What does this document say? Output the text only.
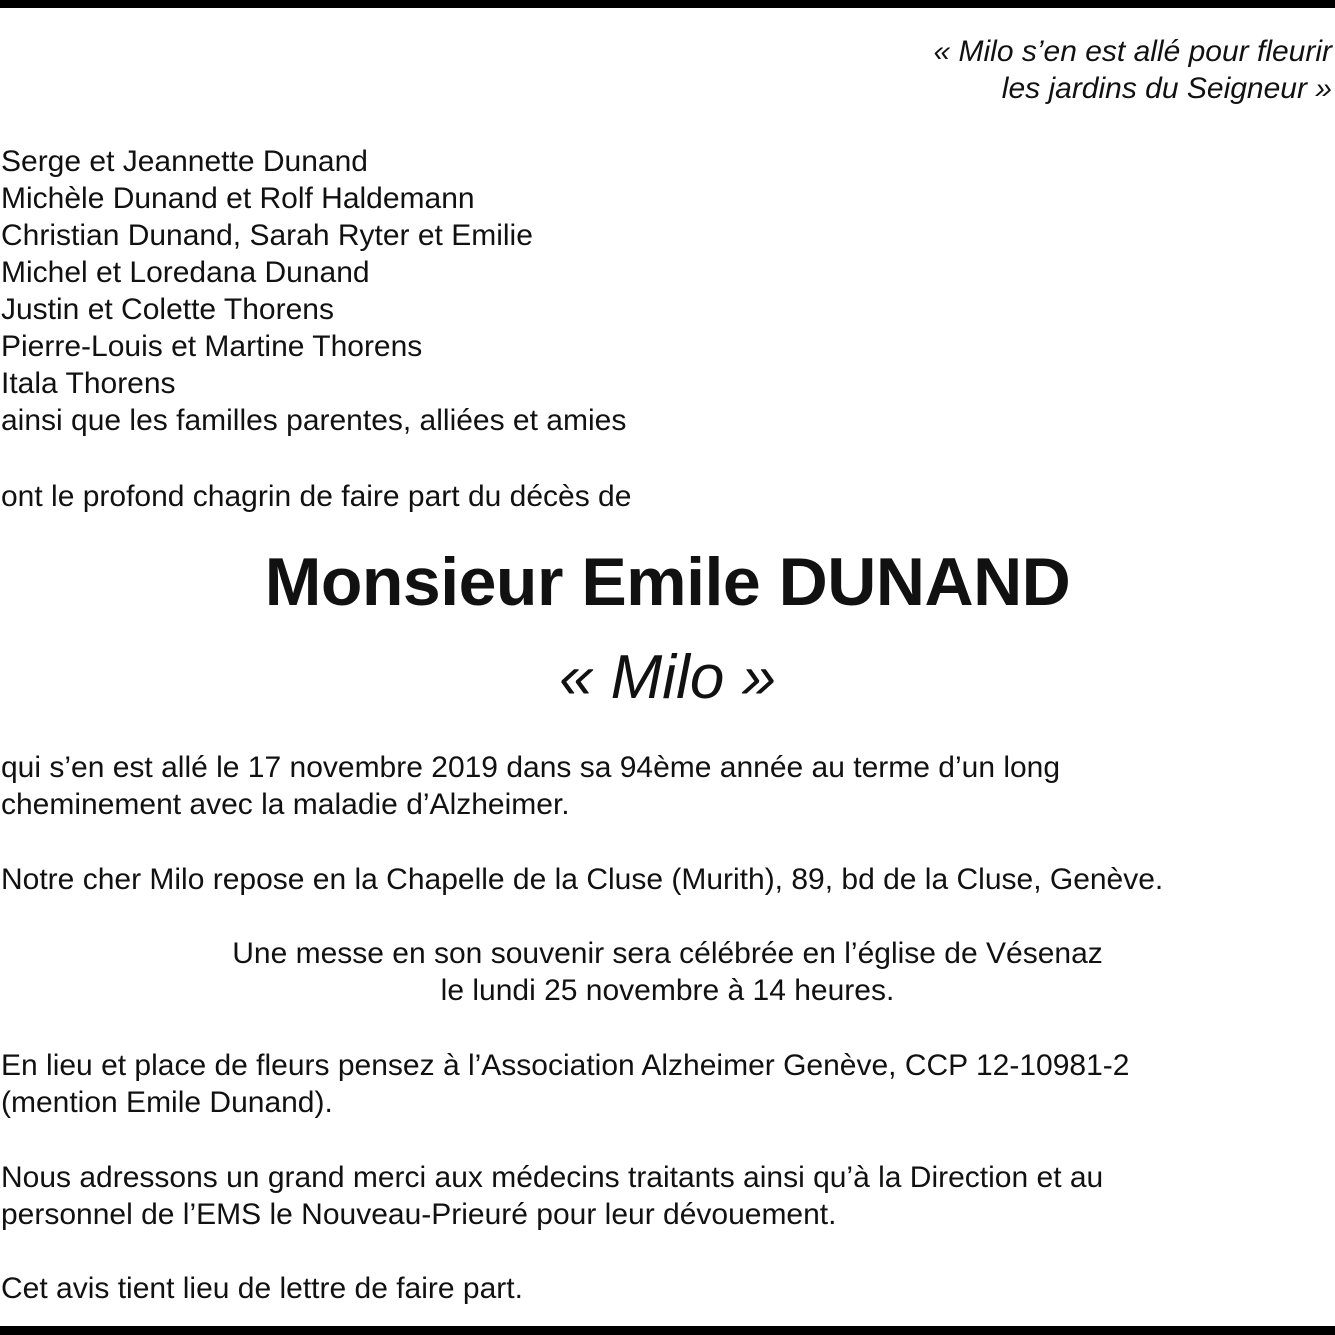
« Milo s’en est allé pour fleurir
les jardins du Seigneur »
Serge et Jeannette Dunand
Michèle Dunand et Rolf Haldemann
Christian Dunand, Sarah Ryter et Emilie
Michel et Loredana Dunand
Justin et Colette Thorens
Pierre-Louis et Martine Thorens
Itala Thorens
ainsi que les familles parentes, alliées et amies
ont le profond chagrin de faire part du décès de
Monsieur Emile DUNAND
« Milo »
qui s’en est allé le 17 novembre 2019 dans sa 94ème année au terme d’un long
cheminement avec la maladie d’Alzheimer.
Notre cher Milo repose en la Chapelle de la Cluse (Murith), 89, bd de la Cluse, Genève.
Une messe en son souvenir sera célébrée en l’église de Vésenaz
le lundi 25 novembre à 14 heures.
En lieu et place de fleurs pensez à l’Association Alzheimer Genève, CCP 12-10981-2
(mention Emile Dunand).
Nous adressons un grand merci aux médecins traitants ainsi qu’à la Direction et au
personnel de l’EMS le Nouveau-Prieuré pour leur dévouement.
Cet avis tient lieu de lettre de faire part.
